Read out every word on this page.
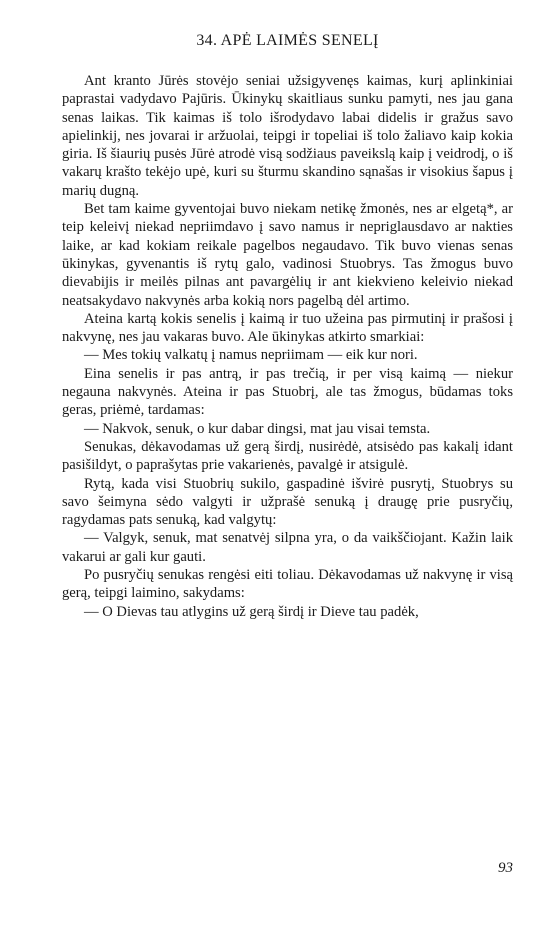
34. APĖ LAIMĖS SENELĮ

Ant kranto Jūrės stovėjo seniai užsigyvenęs kaimas, kurį aplinkiniai paprastai vadydavo Pajūris. Ūkinykų skaitliaus sunku pamyti, nes jau gana senas laikas. Tik kaimas iš tolo išrodydavo labai didelis ir gražus savo apielinkij, nes jovarai ir aržuolai, teipgi ir topeliai iš tolo žaliavo kaip kokia giria. Iš šiaurių pusės Jūrė atrodė visą sodžiaus paveikslą kaip į veidrodį, o iš vakarų krašto tekėjo upė, kuri su šturmu skandino sąnašas ir visokius šapus į marių dugną.

Bet tam kaime gyventojai buvo niekam netikę žmonės, nes ar elgetą*, ar teip keleivį niekad nepriimdavo į savo namus ir nepriglausdavo ar nakties laike, ar kad kokiam reikale pagelbos negaudavo. Tik buvo vienas senas ūkinykas, gyvenantis iš rytų galo, vadinosi Stuobrys. Tas žmogus buvo dievabijis ir meilės pilnas ant pavargėlių ir ant kiekvieno keleivio niekad neatsakydavo nakvynės arba kokią nors pagelbą dėl artimo.

Ateina kartą kokis senelis į kaimą ir tuo užeina pas pirmutinį ir prašosi į nakvynę, nes jau vakaras buvo. Ale ūkinykas atkirto smarkiai:

— Mes tokių valkatų į namus nepriimam — eik kur nori.

Eina senelis ir pas antrą, ir pas trečią, ir per visą kaimą — niekur negauna nakvynės. Ateina ir pas Stuobrį, ale tas žmogus, būdamas toks geras, priėmė, tardamas:

— Nakvok, senuk, o kur dabar dingsi, mat jau visai temsta.

Senukas, dėkavodamas už gerą širdį, nusirėdė, atsisėdo pas kakalį idant pasišildyt, o paprašytas prie vakarienės, pavalgė ir atsigulė.

Rytą, kada visi Stuobrių sukilo, gaspadinė išvirė pusrytį, Stuobrys su savo šeimyna sėdo valgyti ir užprašė senuką į draugę prie pusryčių, ragydamas pats senuką, kad valgytų:

— Valgyk, senuk, mat senatvėj silpna yra, o da vaikščiojant. Kažin laik vakarui ar gali kur gauti.

Po pusryčių senukas rengėsi eiti toliau. Dėkavodamas už nakvynę ir visą gerą, teipgi laimino, sakydams:

— O Dievas tau atlygins už gerą širdį ir Dieve tau padėk,

93
